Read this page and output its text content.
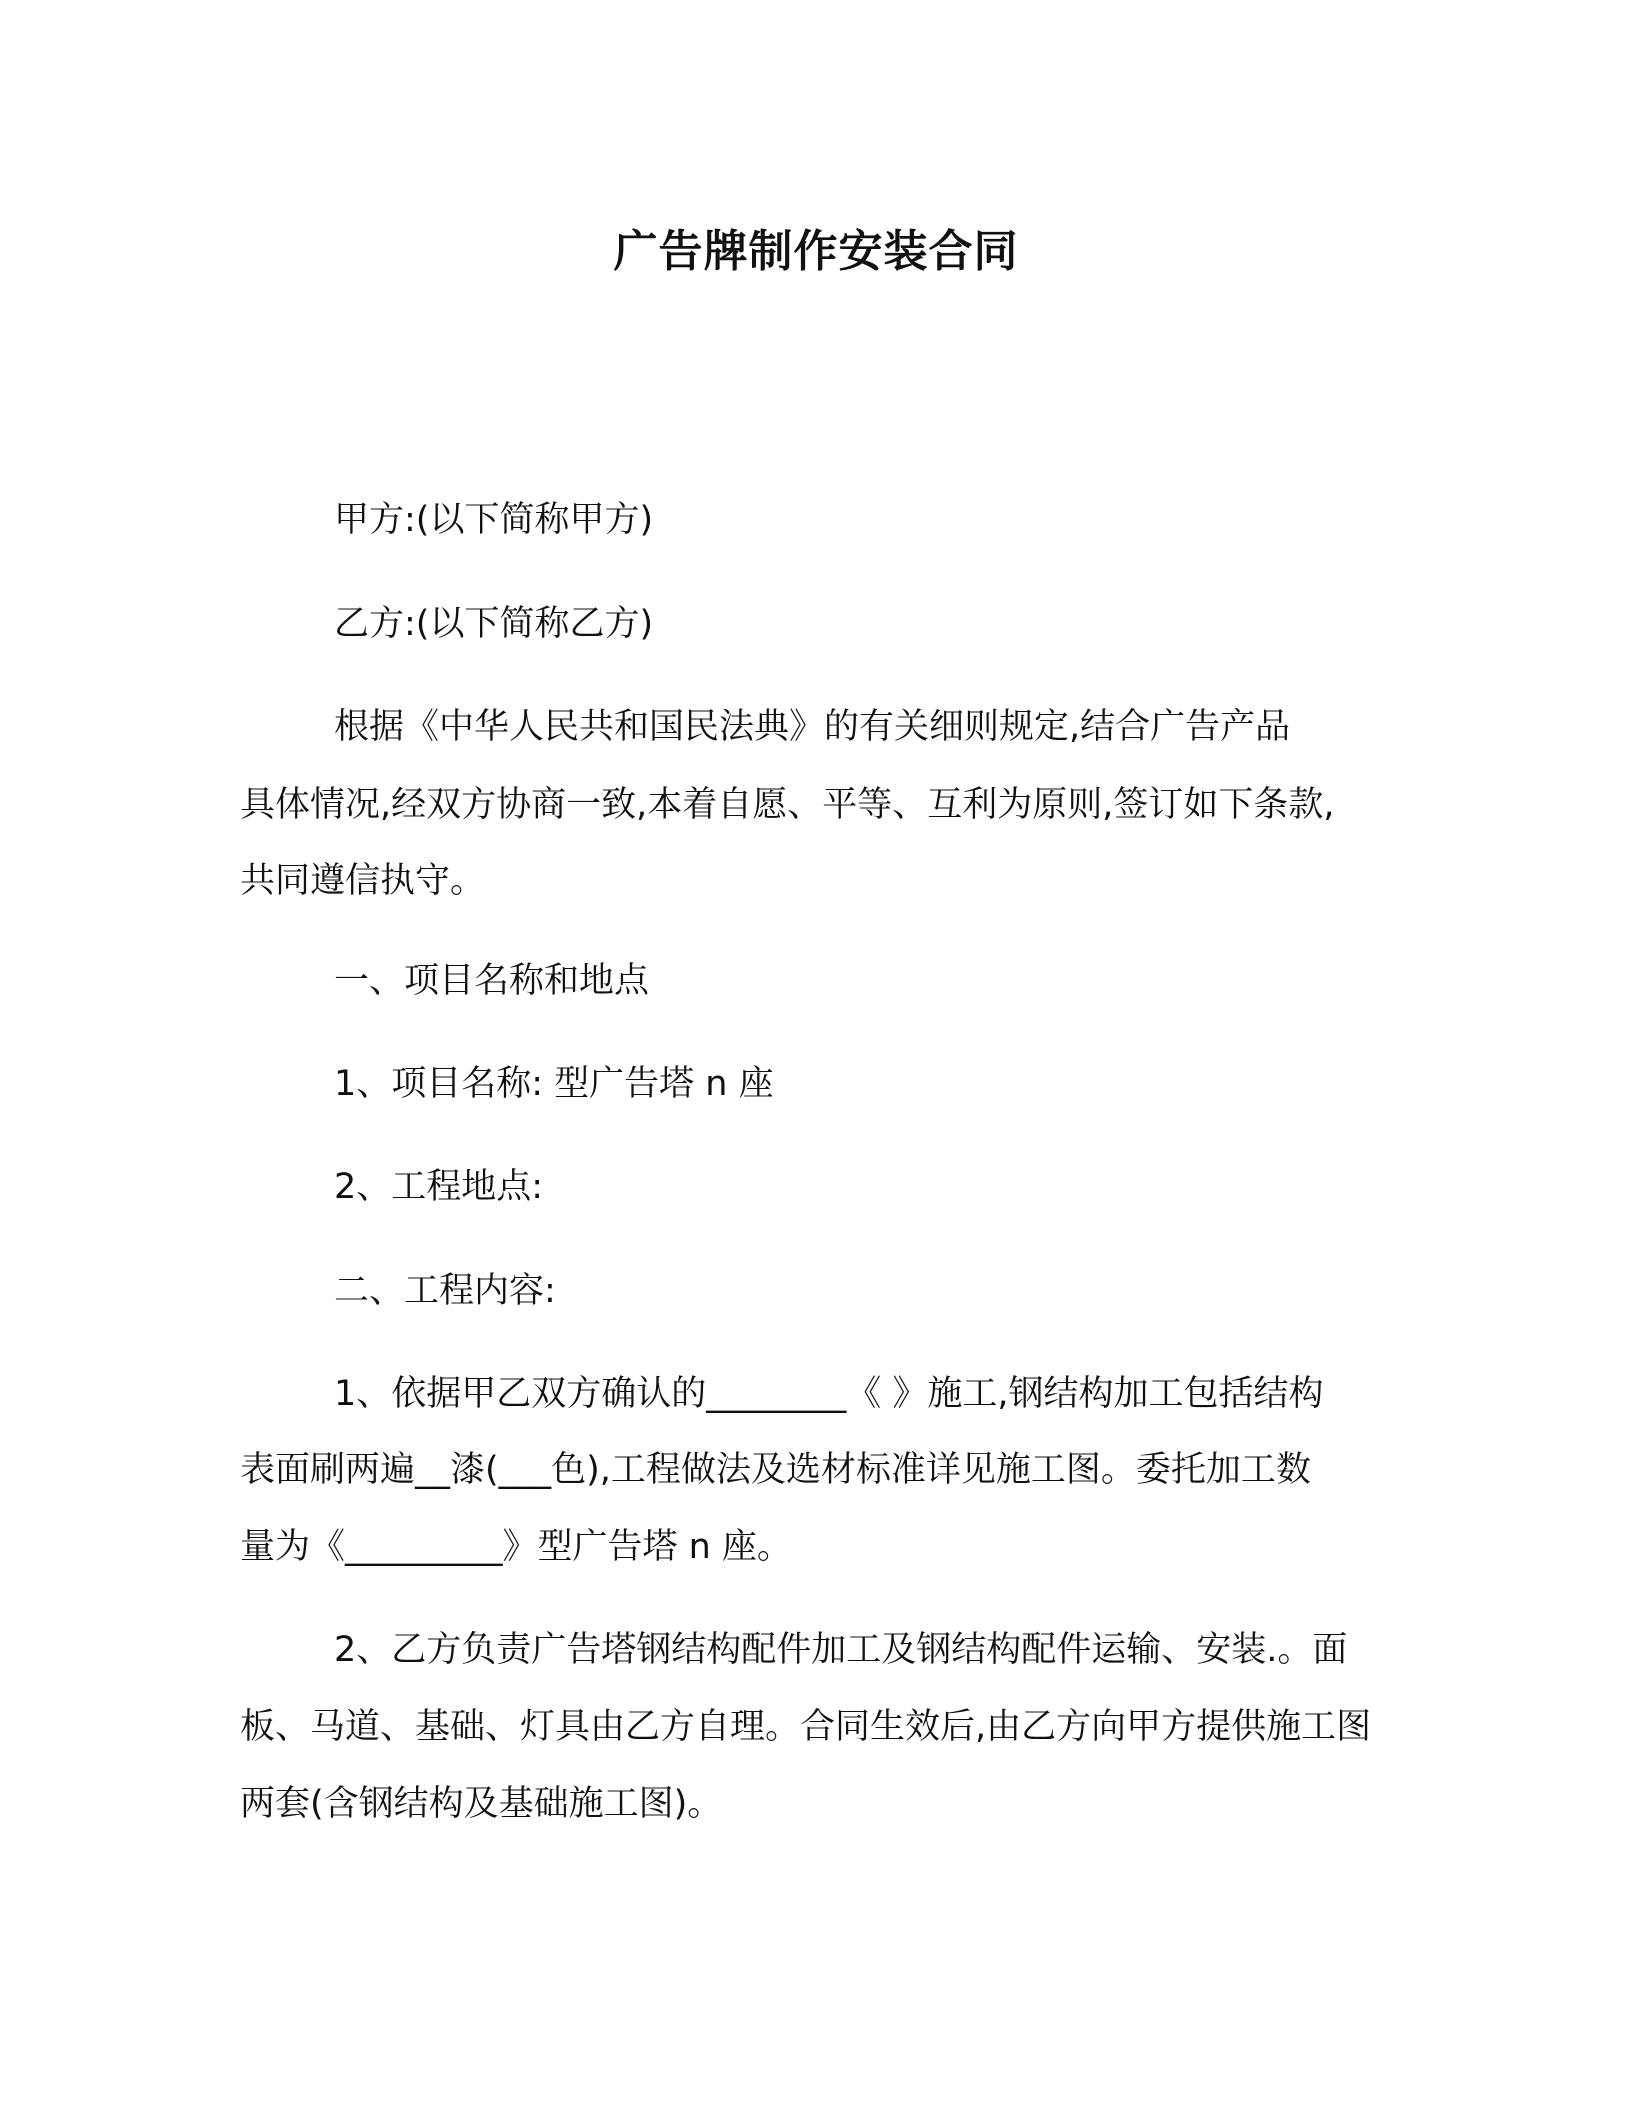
广告牌制作安装合同
甲方:(以下简称甲方)
乙方:(以下简称乙方)
根据《中华人民共和国民法典》的有关细则规定,结合广告产品
具体情况,经双方协商一致,本着自愿、平等、互利为原则,签订如下条款,
共同遵信执守。
一、项目名称和地点
1、项目名称: 型广告塔 n 座
2、工程地点:
二、工程内容:
1、依据甲乙双方确认的________《 》施工,钢结构加工包括结构
表面刷两遍__漆(___色),工程做法及选材标准详见施工图。委托加工数
量为《_________》型广告塔 n 座。
2、乙方负责广告塔钢结构配件加工及钢结构配件运输、安装.。面
板、马道、基础、灯具由乙方自理。合同生效后,由乙方向甲方提供施工图
两套(含钢结构及基础施工图)。
